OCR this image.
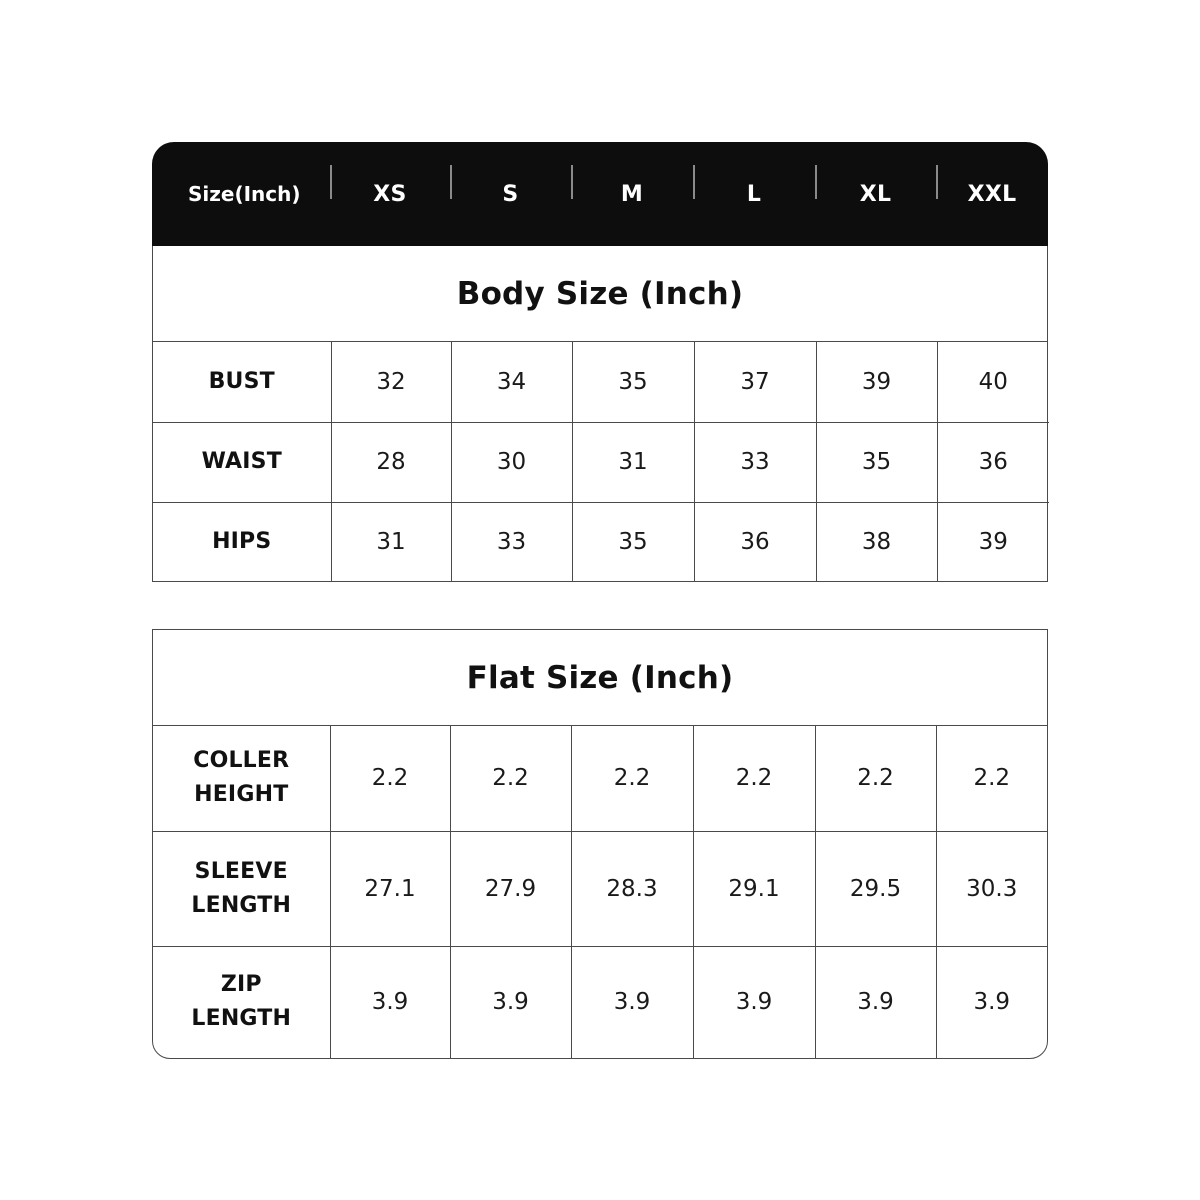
Size(Inch)	XS	S	M	L	XL	XXL
Body Size (Inch)
BUST	32	34	35	37	39	40
WAIST	28	30	31	33	35	36
HIPS	31	33	35	36	38	39
Flat Size (Inch)
COLLER
HEIGHT	2.2	2.2	2.2	2.2	2.2	2.2

SLEEVE
LENGTH	27.1	27.9	28.3	29.1	29.5	30.3

ZIP
LENGTH	3.9	3.9	3.9	3.9	3.9	3.9
